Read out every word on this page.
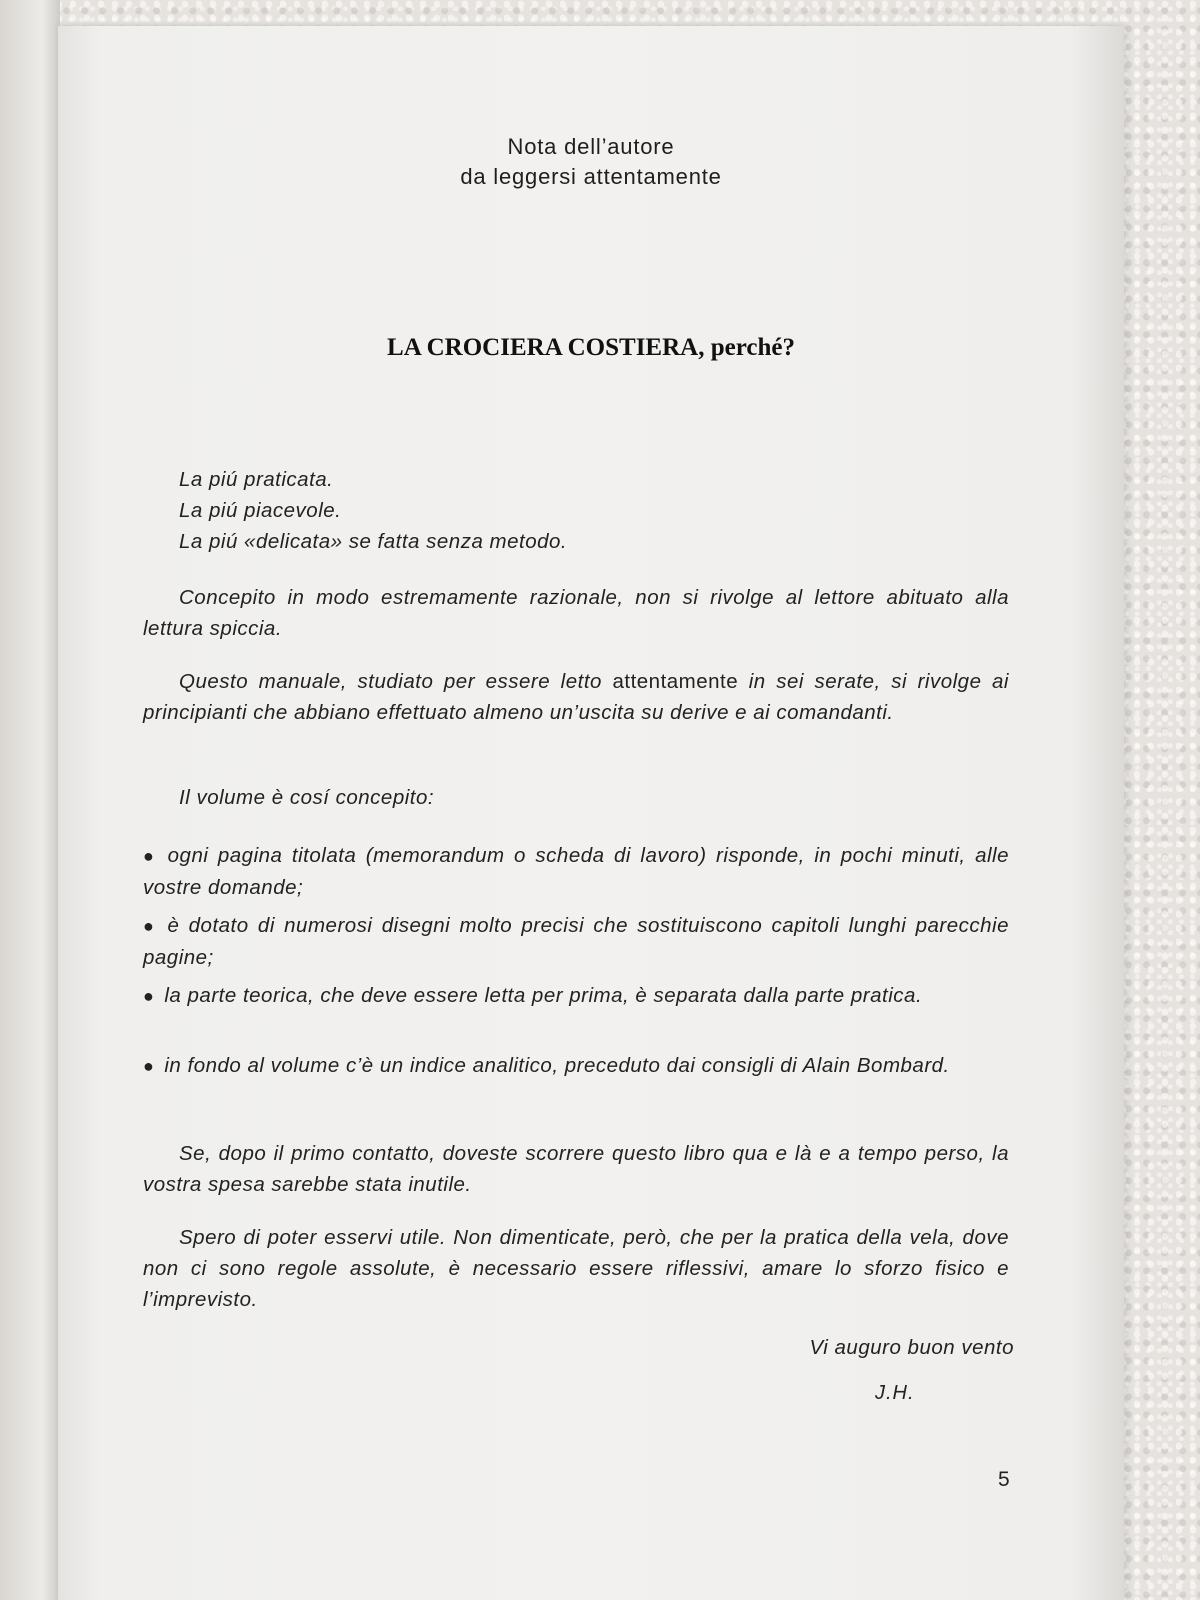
Nota dell’autore
da leggersi attentamente
LA CROCIERA COSTIERA, perché?
La piú praticata.
La piú piacevole.
La piú «delicata» se fatta senza metodo.
Concepito in modo estremamente razionale, non si rivolge al lettore abituato alla lettura spiccia.
Questo manuale, studiato per essere letto attentamente in sei serate, si rivolge ai principianti che abbiano effettuato almeno un’uscita su derive e ai comandanti.
Il volume è cosí concepito:
● ogni pagina titolata (memorandum o scheda di lavoro) risponde, in pochi minuti, alle vostre domande;
● è dotato di numerosi disegni molto precisi che sostituiscono capitoli lunghi parecchie pagine;
● la parte teorica, che deve essere letta per prima, è separata dalla parte pratica.
● in fondo al volume c’è un indice analitico, preceduto dai consigli di Alain Bombard.
Se, dopo il primo contatto, doveste scorrere questo libro qua e là e a tempo perso, la vostra spesa sarebbe stata inutile.
Spero di poter esservi utile. Non dimenticate, però, che per la pratica della vela, dove non ci sono regole assolute, è necessario essere riflessivi, amare lo sforzo fisico e l’imprevisto.
Vi auguro buon vento
J.H.
5
